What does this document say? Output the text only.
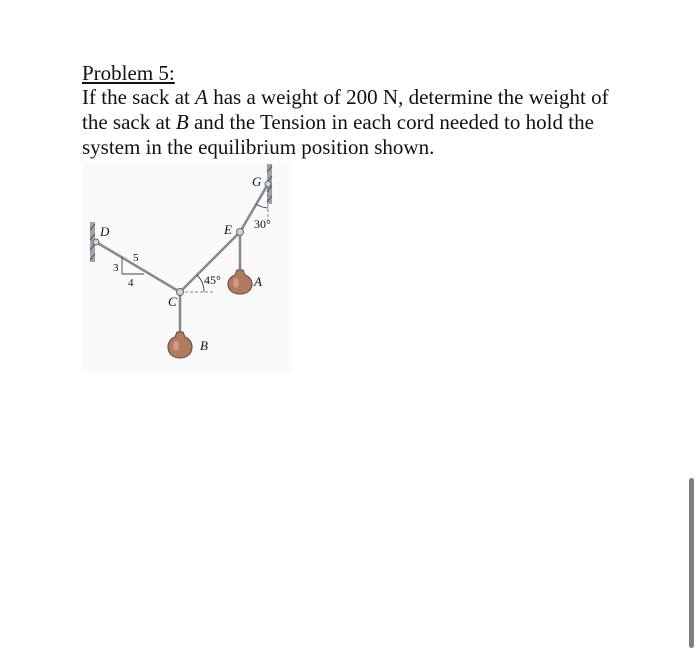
Problem 5:
If the sack at A has a weight of 200 N, determine the weight of
the sack at B and the Tension in each cord needed to hold the
system in the equilibrium position shown.
D
C
E
G
A
B
3
4
5
45°
30°
